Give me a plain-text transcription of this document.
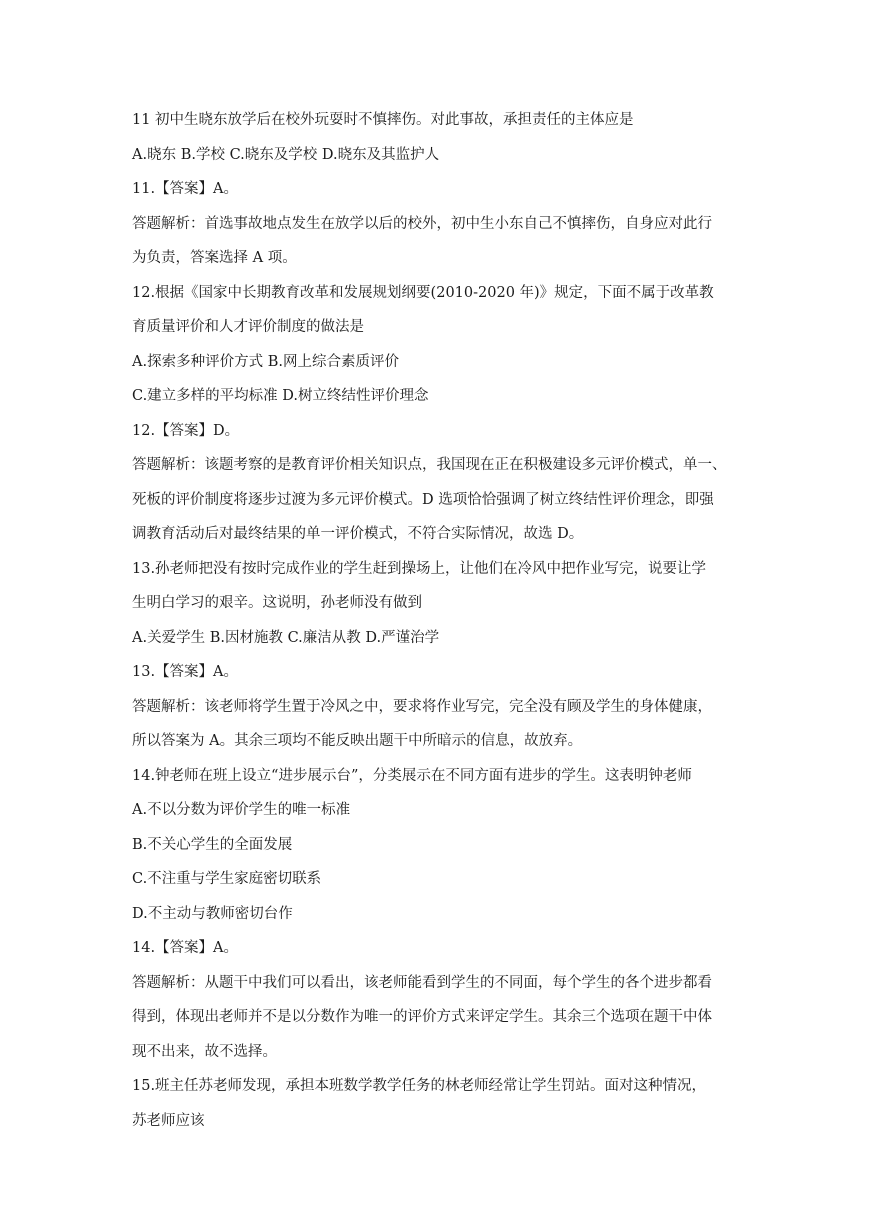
11 初中生晓东放学后在校外玩耍时不慎摔伤。对此事故，承担责任的主体应是

A.晓东 B.学校 C.晓东及学校 D.晓东及其监护人

11.【答案】A。

答题解析：首选事故地点发生在放学以后的校外，初中生小东自己不慎摔伤，自身应对此行

为负责，答案选择 A 项。

12.根据《国家中长期教育改革和发展规划纲要(2010-2020 年)》规定，下面不属于改革教

育质量评价和人才评价制度的做法是

A.探索多种评价方式 B.网上综合素质评价

C.建立多样的平均标准 D.树立终结性评价理念

12.【答案】D。

答题解析：该题考察的是教育评价相关知识点，我国现在正在积极建设多元评价模式，单一、

死板的评价制度将逐步过渡为多元评价模式。D 选项恰恰强调了树立终结性评价理念，即强

调教育活动后对最终结果的单一评价模式，不符合实际情况，故选 D。

13.孙老师把没有按时完成作业的学生赶到操场上，让他们在冷风中把作业写完，说要让学

生明白学习的艰辛。这说明，孙老师没有做到

A.关爱学生 B.因材施教 C.廉洁从教 D.严谨治学

13.【答案】A。

答题解析：该老师将学生置于冷风之中，要求将作业写完，完全没有顾及学生的身体健康，

所以答案为 A。其余三项均不能反映出题干中所暗示的信息，故放弃。

14.钟老师在班上设立“进步展示台”，分类展示在不同方面有进步的学生。这表明钟老师

A.不以分数为评价学生的唯一标准

B.不关心学生的全面发展

C.不注重与学生家庭密切联系

D.不主动与教师密切台作

14.【答案】A。

答题解析：从题干中我们可以看出，该老师能看到学生的不同面，每个学生的各个进步都看

得到，体现出老师并不是以分数作为唯一的评价方式来评定学生。其余三个选项在题干中体

现不出来，故不选择。

15.班主任苏老师发现，承担本班数学教学任务的林老师经常让学生罚站。面对这种情况，

苏老师应该
